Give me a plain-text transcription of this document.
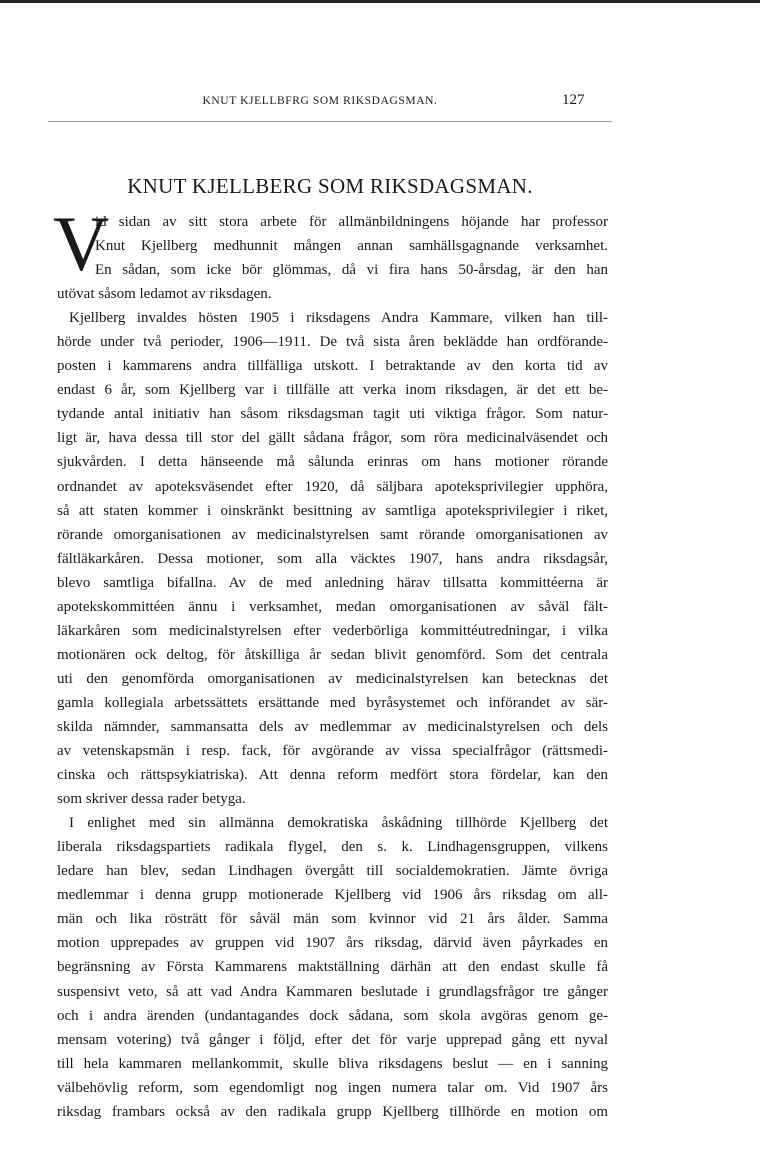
KNUT KJELLBFRG SOM RIKSDAGSMAN.	127
KNUT KJELLBERG SOM RIKSDAGSMAN.
V
id sidan av sitt stora arbete för allmänbildningens höjande har professor
Knut Kjellberg medhunnit mången annan samhällsgagnande verksamhet.
En sådan, som icke bör glömmas, då vi fira hans 50-årsdag, är den han
utövat såsom ledamot av riksdagen.
Kjellberg invaldes hösten 1905 i riksdagens Andra Kammare, vilken han till-
hörde under två perioder, 1906—1911. De två sista åren beklädde han ordförande-
posten i kammarens andra tillfälliga utskott. I betraktande av den korta tid av
endast 6 år, som Kjellberg var i tillfälle att verka inom riksdagen, är det ett be-
tydande antal initiativ han såsom riksdagsman tagit uti viktiga frågor. Som natur-
ligt är, hava dessa till stor del gällt sådana frågor, som röra medicinalväsendet och
sjukvården. I detta hänseende må sålunda erinras om hans motioner rörande
ordnandet av apoteksväsendet efter 1920, då säljbara apoteksprivilegier upphöra,
så att staten kommer i oinskränkt besittning av samtliga apoteksprivilegier i riket,
rörande omorganisationen av medicinalstyrelsen samt rörande omorganisationen av
fältläkarkåren. Dessa motioner, som alla väcktes 1907, hans andra riksdagsår,
blevo samtliga bifallna. Av de med anledning härav tillsatta kommittéerna är
apotekskommittéen ännu i verksamhet, medan omorganisationen av såväl fält-
läkarkåren som medicinalstyrelsen efter vederbörliga kommittéutredningar, i vilka
motionären ock deltog, för åtskilliga år sedan blivit genomförd. Som det centrala
uti den genomförda omorganisationen av medicinalstyrelsen kan betecknas det
gamla kollegiala arbetssättets ersättande med byråsystemet och införandet av sär-
skilda nämnder, sammansatta dels av medlemmar av medicinalstyrelsen och dels
av vetenskapsmän i resp. fack, för avgörande av vissa specialfrågor (rättsmedi-
cinska och rättspsykiatriska). Att denna reform medfört stora fördelar, kan den
som skriver dessa rader betyga.
I enlighet med sin allmänna demokratiska åskådning tillhörde Kjellberg det
liberala riksdagspartiets radikala flygel, den s. k. Lindhagensgruppen, vilkens
ledare han blev, sedan Lindhagen övergått till socialdemokratien. Jämte övriga
medlemmar i denna grupp motionerade Kjellberg vid 1906 års riksdag om all-
män och lika rösträtt för såväl män som kvinnor vid 21 års ålder. Samma
motion upprepades av gruppen vid 1907 års riksdag, därvid även påyrkades en
begränsning av Första Kammarens maktställning därhän att den endast skulle få
suspensivt veto, så att vad Andra Kammaren beslutade i grundlagsfrågor tre gånger
och i andra ärenden (undantagandes dock sådana, som skola avgöras genom ge-
mensam votering) två gånger i följd, efter det för varje upprepad gång ett nyval
till hela kammaren mellankommit, skulle bliva riksdagens beslut — en i sanning
välbehövlig reform, som egendomligt nog ingen numera talar om. Vid 1907 års
riksdag frambars också av den radikala grupp Kjellberg tillhörde en motion om
